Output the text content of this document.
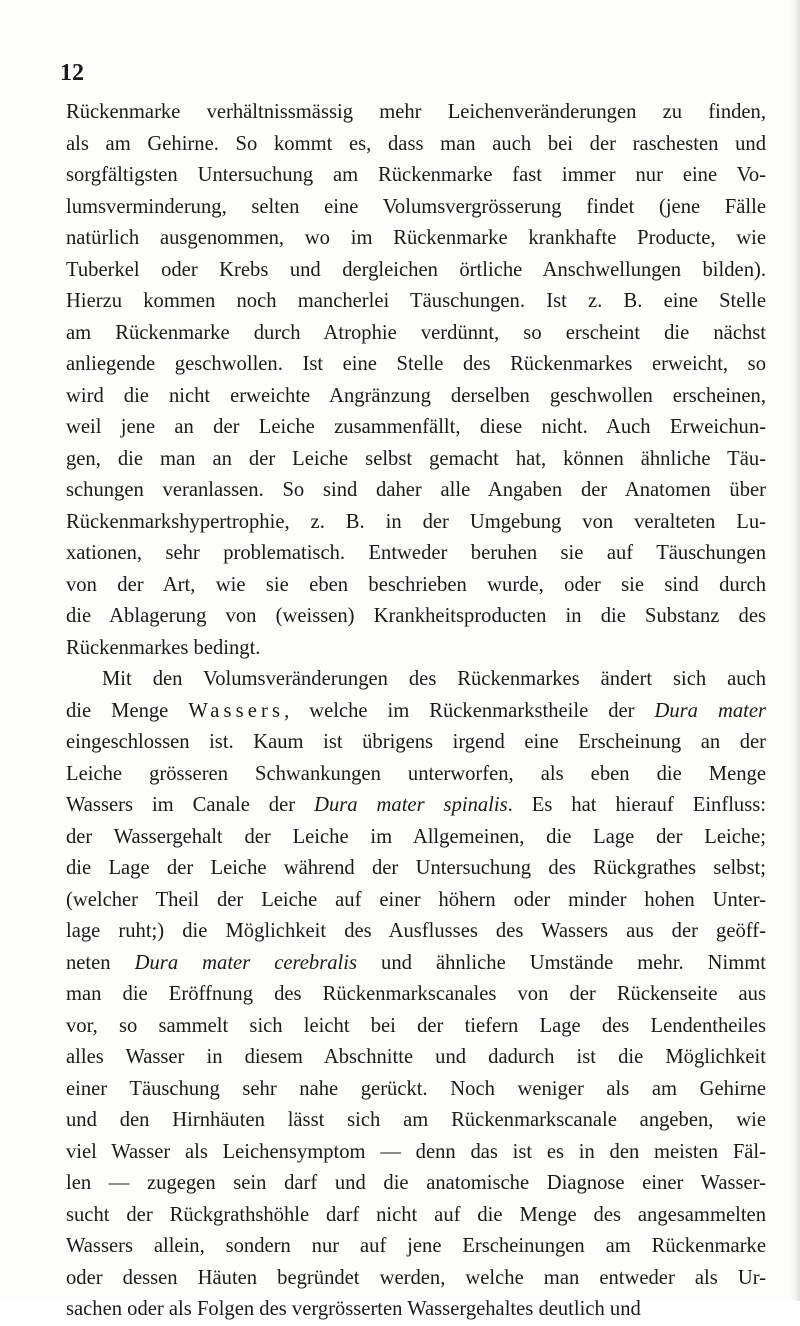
12
Rückenmarke verhältnissmässig mehr Leichenveränderungen zu finden,
als am Gehirne. So kommt es, dass man auch bei der raschesten und
sorgfältigsten Untersuchung am Rückenmarke fast immer nur eine Vo-
lumsverminderung, selten eine Volumsvergrösserung findet (jene Fälle
natürlich ausgenommen, wo im Rückenmarke krankhafte Producte, wie
Tuberkel oder Krebs und dergleichen örtliche Anschwellungen bilden).
Hierzu kommen noch mancherlei Täuschungen. Ist z. B. eine Stelle
am Rückenmarke durch Atrophie verdünnt, so erscheint die nächst
anliegende geschwollen. Ist eine Stelle des Rückenmarkes erweicht, so
wird die nicht erweichte Angränzung derselben geschwollen erscheinen,
weil jene an der Leiche zusammenfällt, diese nicht. Auch Erweichun-
gen, die man an der Leiche selbst gemacht hat, können ähnliche Täu-
schungen veranlassen. So sind daher alle Angaben der Anatomen über
Rückenmarkshypertrophie, z. B. in der Umgebung von veralteten Lu-
xationen, sehr problematisch. Entweder beruhen sie auf Täuschungen
von der Art, wie sie eben beschrieben wurde, oder sie sind durch
die Ablagerung von (weissen) Krankheitsproducten in die Substanz des
Rückenmarkes bedingt.
Mit den Volumsveränderungen des Rückenmarkes ändert sich auch
die Menge Wassers, welche im Rückenmarkstheile der Dura mater
eingeschlossen ist. Kaum ist übrigens irgend eine Erscheinung an der
Leiche grösseren Schwankungen unterworfen, als eben die Menge
Wassers im Canale der Dura mater spinalis. Es hat hierauf Einfluss:
der Wassergehalt der Leiche im Allgemeinen, die Lage der Leiche;
die Lage der Leiche während der Untersuchung des Rückgrathes selbst;
(welcher Theil der Leiche auf einer höhern oder minder hohen Unter-
lage ruht;) die Möglichkeit des Ausflusses des Wassers aus der geöff-
neten Dura mater cerebralis und ähnliche Umstände mehr. Nimmt
man die Eröffnung des Rückenmarkscanales von der Rückenseite aus
vor, so sammelt sich leicht bei der tiefern Lage des Lendentheiles
alles Wasser in diesem Abschnitte und dadurch ist die Möglichkeit
einer Täuschung sehr nahe gerückt. Noch weniger als am Gehirne
und den Hirnhäuten lässt sich am Rückenmarkscanale angeben, wie
viel Wasser als Leichensymptom — denn das ist es in den meisten Fäl-
len — zugegen sein darf und die anatomische Diagnose einer Wasser-
sucht der Rückgrathshöhle darf nicht auf die Menge des angesammelten
Wassers allein, sondern nur auf jene Erscheinungen am Rückenmarke
oder dessen Häuten begründet werden, welche man entweder als Ur-
sachen oder als Folgen des vergrösserten Wassergehaltes deutlich und
